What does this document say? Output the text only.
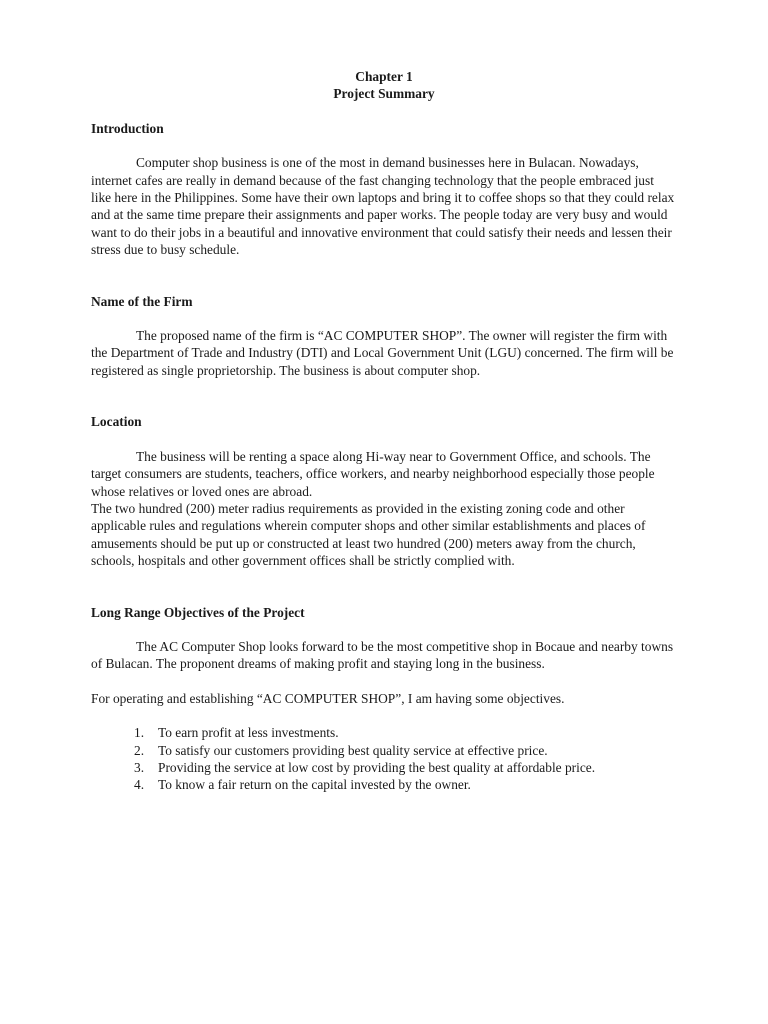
Chapter 1

Project Summary

Introduction

Computer shop business is one of the most in demand businesses here in Bulacan. Nowadays, internet cafes are really in demand because of the fast changing technology that the people embraced just like here in the Philippines. Some have their own laptops and bring it to coffee shops so that they could relax and at the same time prepare their assignments and paper works. The people today are very busy and would want to do their jobs in a beautiful and innovative environment that could satisfy their needs and lessen their stress due to busy schedule.

Name of the Firm

The proposed name of the firm is “AC COMPUTER SHOP”. The owner will register the firm with the Department of Trade and Industry (DTI) and Local Government Unit (LGU) concerned. The firm will be registered as single proprietorship. The business is about computer shop.

Location

The business will be renting a space along Hi-way near to Government Office, and schools. The target consumers are students, teachers, office workers, and nearby neighborhood especially those people whose relatives or loved ones are abroad.

The two hundred (200) meter radius requirements as provided in the existing zoning code and other applicable rules and regulations wherein computer shops and other similar establishments and places of amusements should be put up or constructed at least two hundred (200) meters away from the church, schools, hospitals and other government offices shall be strictly complied with.

Long Range Objectives of the Project

The AC Computer Shop looks forward to be the most competitive shop in Bocaue and nearby towns of Bulacan. The proponent dreams of making profit and staying long in the business.

For operating and establishing “AC COMPUTER SHOP”, I am having some objectives.

1. To earn profit at less investments.
2. To satisfy our customers providing best quality service at effective price.
3. Providing the service at low cost by providing the best quality at affordable price.
4. To know a fair return on the capital invested by the owner.
